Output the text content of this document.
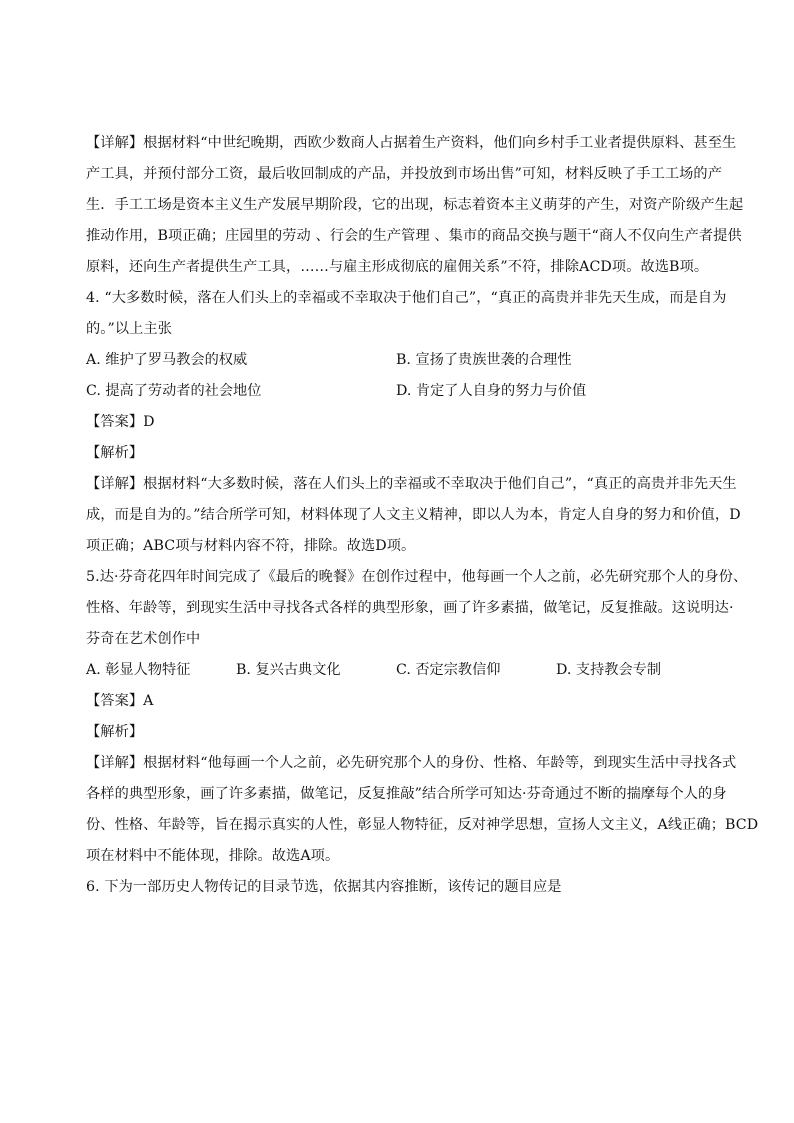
【详解】根据材料“中世纪晚期，西欧少数商人占据着生产资料，他们向乡村手工业者提供原料、甚至生
产工具，并预付部分工资，最后收回制成的产品，并投放到市场出售”可知，材料反映了手工工场的产
生．手工工场是资本主义生产发展早期阶段，它的出现，标志着资本主义萌芽的产生，对资产阶级产生起
推动作用，B项正确；庄园里的劳动 、行会的生产管理 、集市的商品交换与题干“商人不仅向生产者提供
原料，还向生产者提供生产工具，……与雇主形成彻底的雇佣关系”不符，排除ACD项。故选B项。
4. “大多数时候，落在人们头上的幸福或不幸取决于他们自己”，“真正的高贵并非先天生成，而是自为
的。”以上主张
A. 维护了罗马教会的权威	B. 宣扬了贵族世袭的合理性
C. 提高了劳动者的社会地位	D. 肯定了人自身的努力与价值
【答案】D
【解析】
【详解】根据材料“大多数时候，落在人们头上的幸福或不幸取决于他们自己”，“真正的高贵并非先天生
成，而是自为的。”结合所学可知，材料体现了人文主义精神，即以人为本，肯定人自身的努力和价值，D
项正确；ABC项与材料内容不符，排除。故选D项。
5.达·芬奇花四年时间完成了《最后的晚餐》在创作过程中，他每画一个人之前，必先研究那个人的身份、
性格、年龄等，到现实生活中寻找各式各样的典型形象，画了许多素描，做笔记，反复推敲。这说明达·
芬奇在艺术创作中
A. 彰显人物特征	B. 复兴古典文化	C. 否定宗教信仰	D. 支持教会专制
【答案】A
【解析】
【详解】根据材料“他每画一个人之前，必先研究那个人的身份、性格、年龄等，到现实生活中寻找各式
各样的典型形象，画了许多素描，做笔记，反复推敲”结合所学可知达·芬奇通过不断的揣摩每个人的身
份、性格、年龄等，旨在揭示真实的人性，彰显人物特征，反对神学思想，宣扬人文主义，A线正确；BCD
项在材料中不能体现，排除。故选A项。
6. 下为一部历史人物传记的目录节选，依据其内容推断，该传记的题目应是
